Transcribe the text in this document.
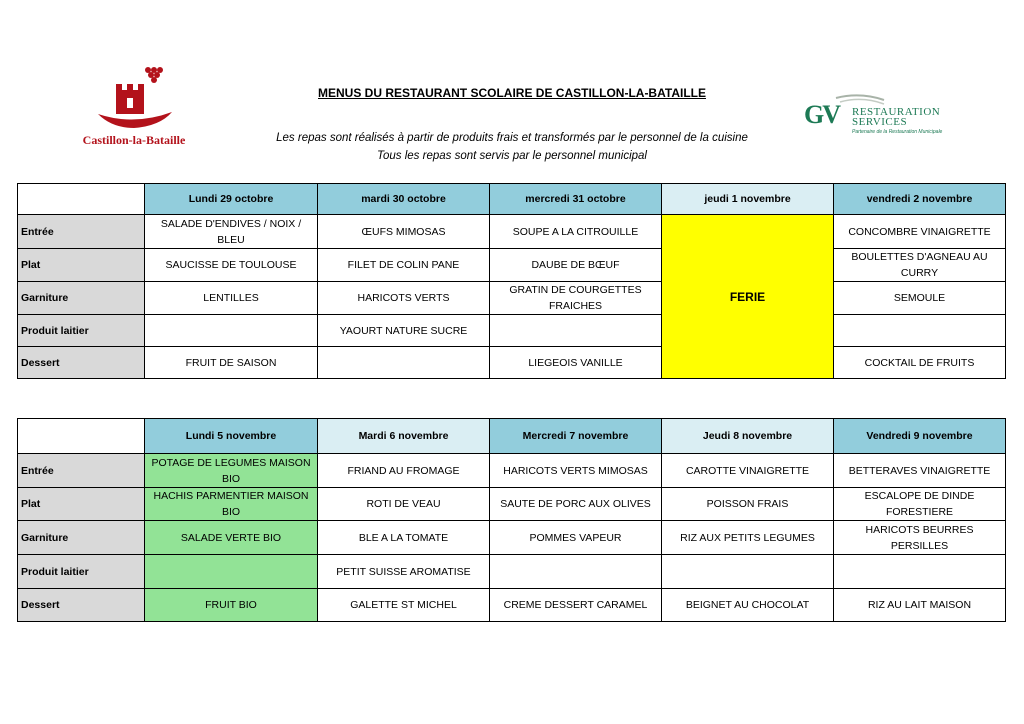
Castillon-la-Bataille
GV RESTAURATION
SERVICES
Partenaire de la Restauration Municipale
MENUS DU RESTAURANT SCOLAIRE DE CASTILLON-LA-BATAILLE
Les repas sont réalisés à partir de produits frais et transformés par le personnel de la cuisine
Tous les repas sont servis par le personnel municipal
	Lundi 29 octobre	mardi 30 octobre	mercredi 31 octobre	jeudi 1 novembre	vendredi 2 novembre
Entrée	SALADE D'ENDIVES / NOIX / BLEU	ŒUFS MIMOSAS	SOUPE A LA CITROUILLE	FERIE	CONCOMBRE VINAIGRETTE
Plat	SAUCISSE DE TOULOUSE	FILET DE COLIN PANE	DAUBE DE BŒUF		BOULETTES D'AGNEAU AU CURRY
Garniture	LENTILLES	HARICOTS VERTS	GRATIN DE COURGETTES FRAICHES		SEMOULE
Produit laitier		YAOURT NATURE SUCRE			
Dessert	FRUIT DE SAISON		LIEGEOIS VANILLE		COCKTAIL DE FRUITS
	Lundi 5 novembre	Mardi 6 novembre	Mercredi 7 novembre	Jeudi 8 novembre	Vendredi 9 novembre
Entrée	POTAGE DE LEGUMES MAISON BIO	FRIAND AU FROMAGE	HARICOTS VERTS MIMOSAS	CAROTTE VINAIGRETTE	BETTERAVES VINAIGRETTE
Plat	HACHIS PARMENTIER MAISON BIO	ROTI DE VEAU	SAUTE DE PORC AUX OLIVES	POISSON FRAIS	ESCALOPE DE DINDE FORESTIERE
Garniture	SALADE VERTE BIO	BLE A LA TOMATE	POMMES VAPEUR	RIZ AUX PETITS LEGUMES	HARICOTS BEURRES PERSILLES
Produit laitier		PETIT SUISSE AROMATISE			
Dessert	FRUIT BIO	GALETTE ST MICHEL	CREME DESSERT CARAMEL	BEIGNET AU CHOCOLAT	RIZ AU LAIT MAISON
